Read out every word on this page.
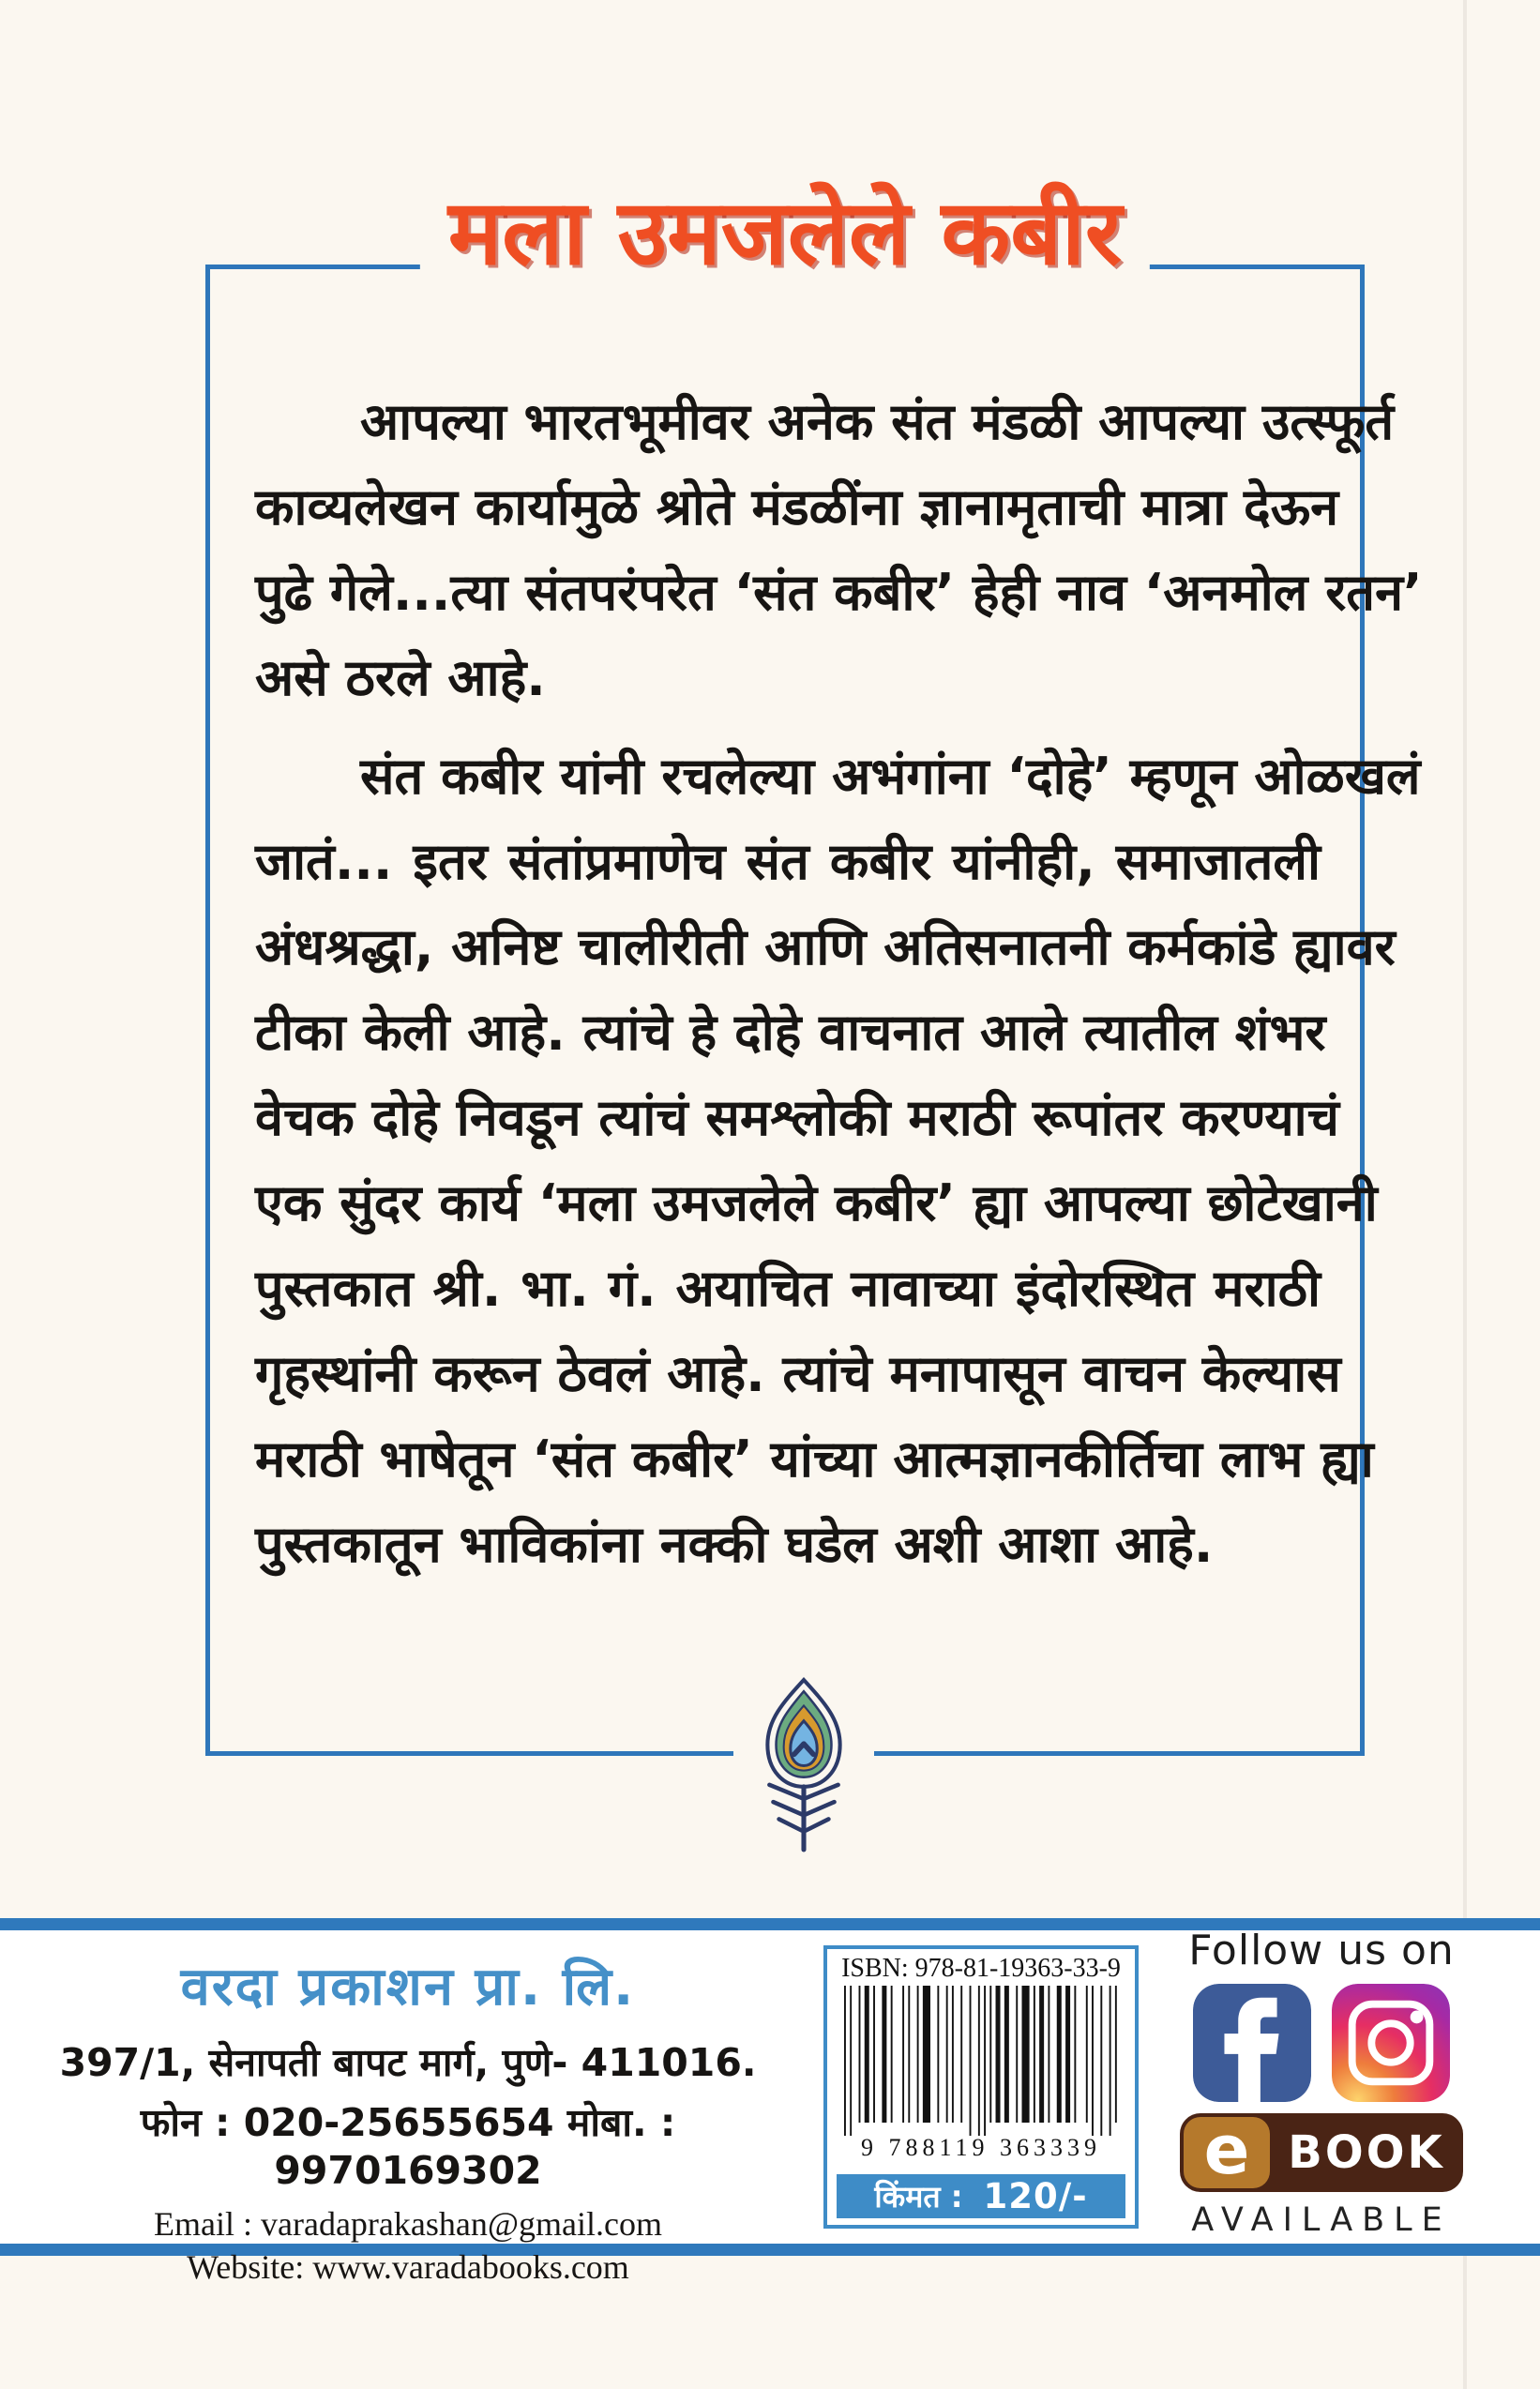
मला उमजलेले कबीर
आपल्या भारतभूमीवर अनेक संत मंडळी आपल्या उत्स्फूर्त
काव्यलेखन कार्यामुळे श्रोते मंडळींना ज्ञानामृताची मात्रा देऊन
पुढे गेले...त्या संतपरंपरेत ‘संत कबीर’ हेही नाव ‘अनमोल रतन’
असे ठरले आहे.
संत कबीर यांनी रचलेल्या अभंगांना ‘दोहे’ म्हणून ओळखलं
जातं... इतर संतांप्रमाणेच संत कबीर यांनीही, समाजातली
अंधश्रद्धा, अनिष्ट चालीरीती आणि अतिसनातनी कर्मकांडे ह्यावर
टीका केली आहे. त्यांचे हे दोहे वाचनात आले त्यातील शंभर
वेचक दोहे निवडून त्यांचं समश्लोकी मराठी रूपांतर करण्याचं
एक सुंदर कार्य ‘मला उमजलेले कबीर’ ह्या आपल्या छोटेखानी
पुस्तकात श्री. भा. गं. अयाचित नावाच्या इंदोरस्थित मराठी
गृहस्थांनी करून ठेवलं आहे. त्यांचे मनापासून वाचन केल्यास
मराठी भाषेतून ‘संत कबीर’ यांच्या आत्मज्ञानकीर्तिचा लाभ ह्या
पुस्तकातून भाविकांना नक्की घडेल अशी आशा आहे.
वरदा प्रकाशन प्रा. लि.
397/1, सेनापती बापट मार्ग, पुणे- 411016.
फोन : 020-25655654 मोबा. : 9970169302
Email : varadaprakashan@gmail.com
Website: www.varadabooks.com
ISBN: 978-81-19363-33-9
9 788119 363339
किंमत : 120/-
Follow us on
e BOOK
AVAILABLE
